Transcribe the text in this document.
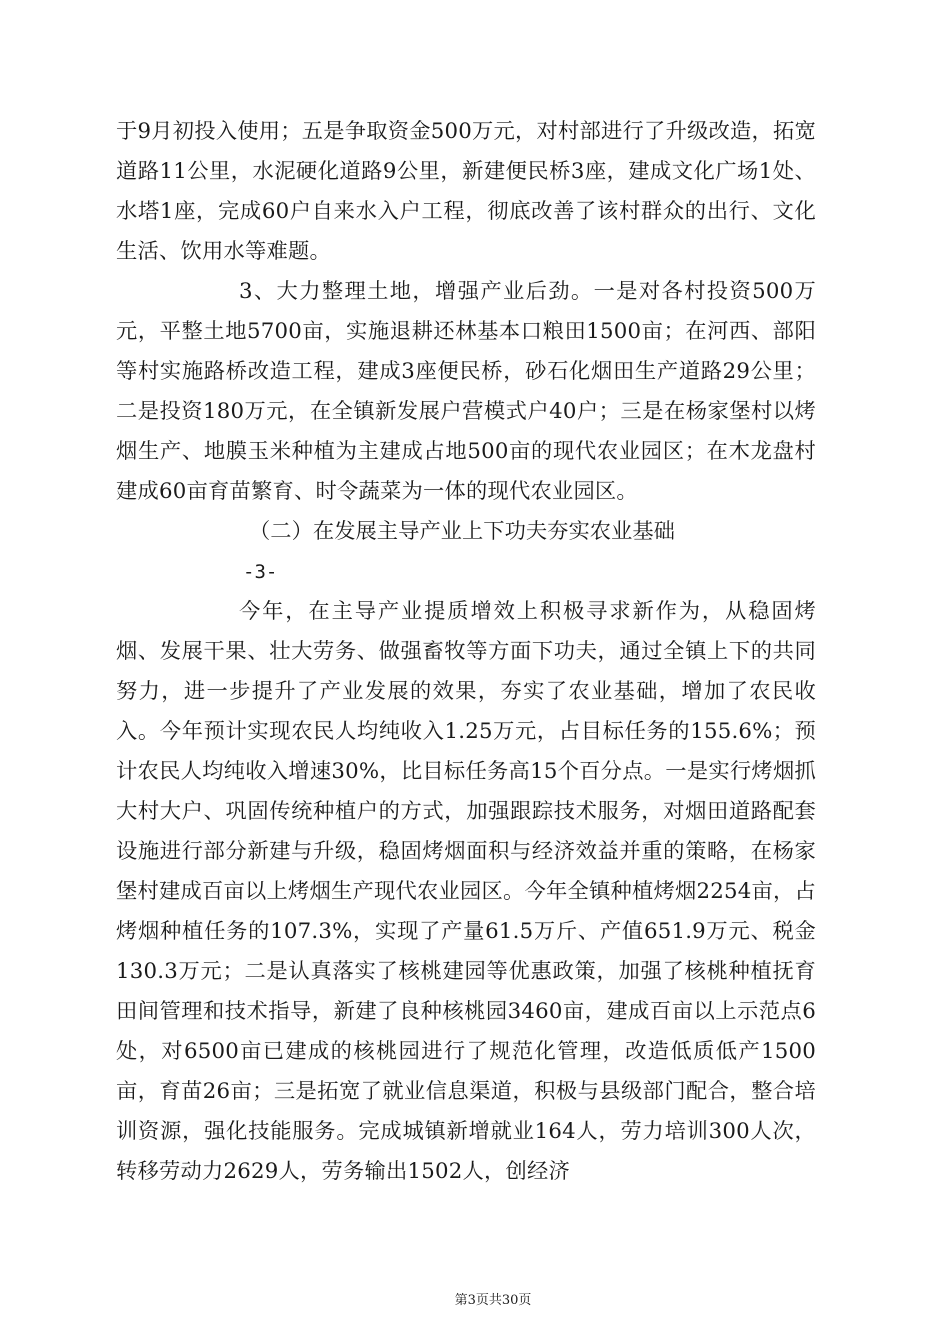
于9月初投入使用；五是争取资金500万元，对村部进行了升级改造，拓宽道路11公里，水泥硬化道路9公里，新建便民桥3座，建成文化广场1处、水塔1座，完成60户自来水入户工程，彻底改善了该村群众的出行、文化生活、饮用水等难题。

3、大力整理土地，增强产业后劲。一是对各村投资500万元，平整土地5700亩，实施退耕还林基本口粮田1500亩；在河西、部阳等村实施路桥改造工程，建成3座便民桥，砂石化烟田生产道路29公里；二是投资180万元，在全镇新发展户营模式户40户；三是在杨家堡村以烤烟生产、地膜玉米种植为主建成占地500亩的现代农业园区；在木龙盘村建成60亩育苗繁育、时令蔬菜为一体的现代农业园区。

（二）在发展主导产业上下功夫夯实农业基础

-3-

今年，在主导产业提质增效上积极寻求新作为，从稳固烤烟、发展干果、壮大劳务、做强畜牧等方面下功夫，通过全镇上下的共同努力，进一步提升了产业发展的效果，夯实了农业基础，增加了农民收入。今年预计实现农民人均纯收入1.25万元，占目标任务的155.6%；预计农民人均纯收入增速30%，比目标任务高15个百分点。一是实行烤烟抓大村大户、巩固传统种植户的方式，加强跟踪技术服务，对烟田道路配套设施进行部分新建与升级，稳固烤烟面积与经济效益并重的策略，在杨家堡村建成百亩以上烤烟生产现代农业园区。今年全镇种植烤烟2254亩，占烤烟种植任务的107.3%，实现了产量61.5万斤、产值651.9万元、税金130.3万元；二是认真落实了核桃建园等优惠政策，加强了核桃种植抚育田间管理和技术指导，新建了良种核桃园3460亩，建成百亩以上示范点6处，对6500亩已建成的核桃园进行了规范化管理，改造低质低产1500亩，育苗26亩；三是拓宽了就业信息渠道，积极与县级部门配合，整合培训资源，强化技能服务。完成城镇新增就业164人，劳力培训300人次，转移劳动力2629人，劳务输出1502人，创经济

第3页共30页
